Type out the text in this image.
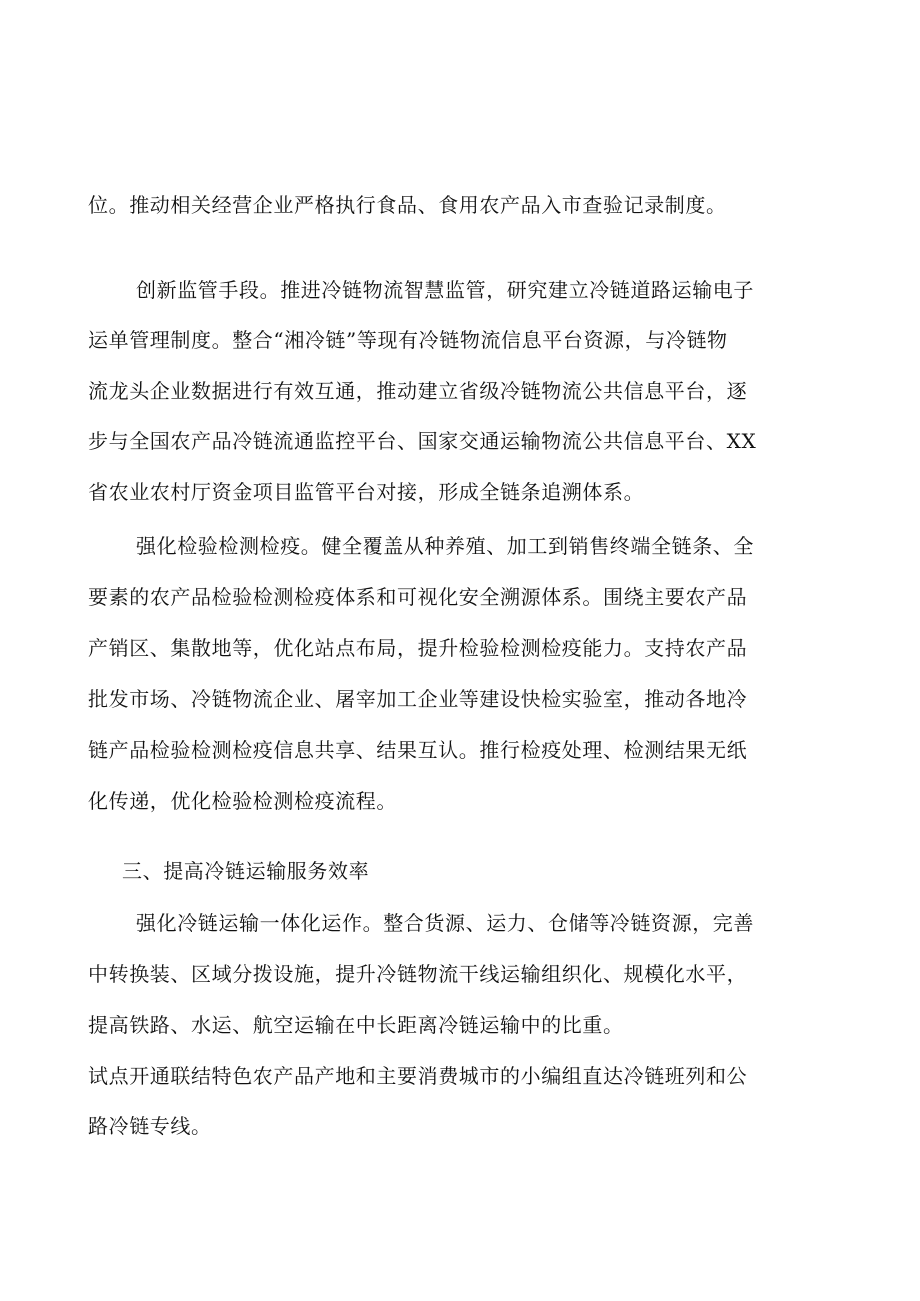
位。推动相关经营企业严格执行食品、食用农产品入市查验记录制度。
创新监管手段。推进冷链物流智慧监管，研究建立冷链道路运输电子
运单管理制度。整合“湘冷链”等现有冷链物流信息平台资源，与冷链物
流龙头企业数据进行有效互通，推动建立省级冷链物流公共信息平台，逐
步与全国农产品冷链流通监控平台、国家交通运输物流公共信息平台、XX
省农业农村厅资金项目监管平台对接，形成全链条追溯体系。
强化检验检测检疫。健全覆盖从种养殖、加工到销售终端全链条、全
要素的农产品检验检测检疫体系和可视化安全溯源体系。围绕主要农产品
产销区、集散地等，优化站点布局，提升检验检测检疫能力。支持农产品
批发市场、冷链物流企业、屠宰加工企业等建设快检实验室，推动各地冷
链产品检验检测检疫信息共享、结果互认。推行检疫处理、检测结果无纸
化传递，优化检验检测检疫流程。
三、提高冷链运输服务效率
强化冷链运输一体化运作。整合货源、运力、仓储等冷链资源，完善
中转换装、区域分拨设施，提升冷链物流干线运输组织化、规模化水平，
提高铁路、水运、航空运输在中长距离冷链运输中的比重。
试点开通联结特色农产品产地和主要消费城市的小编组直达冷链班列和公
路冷链专线。
